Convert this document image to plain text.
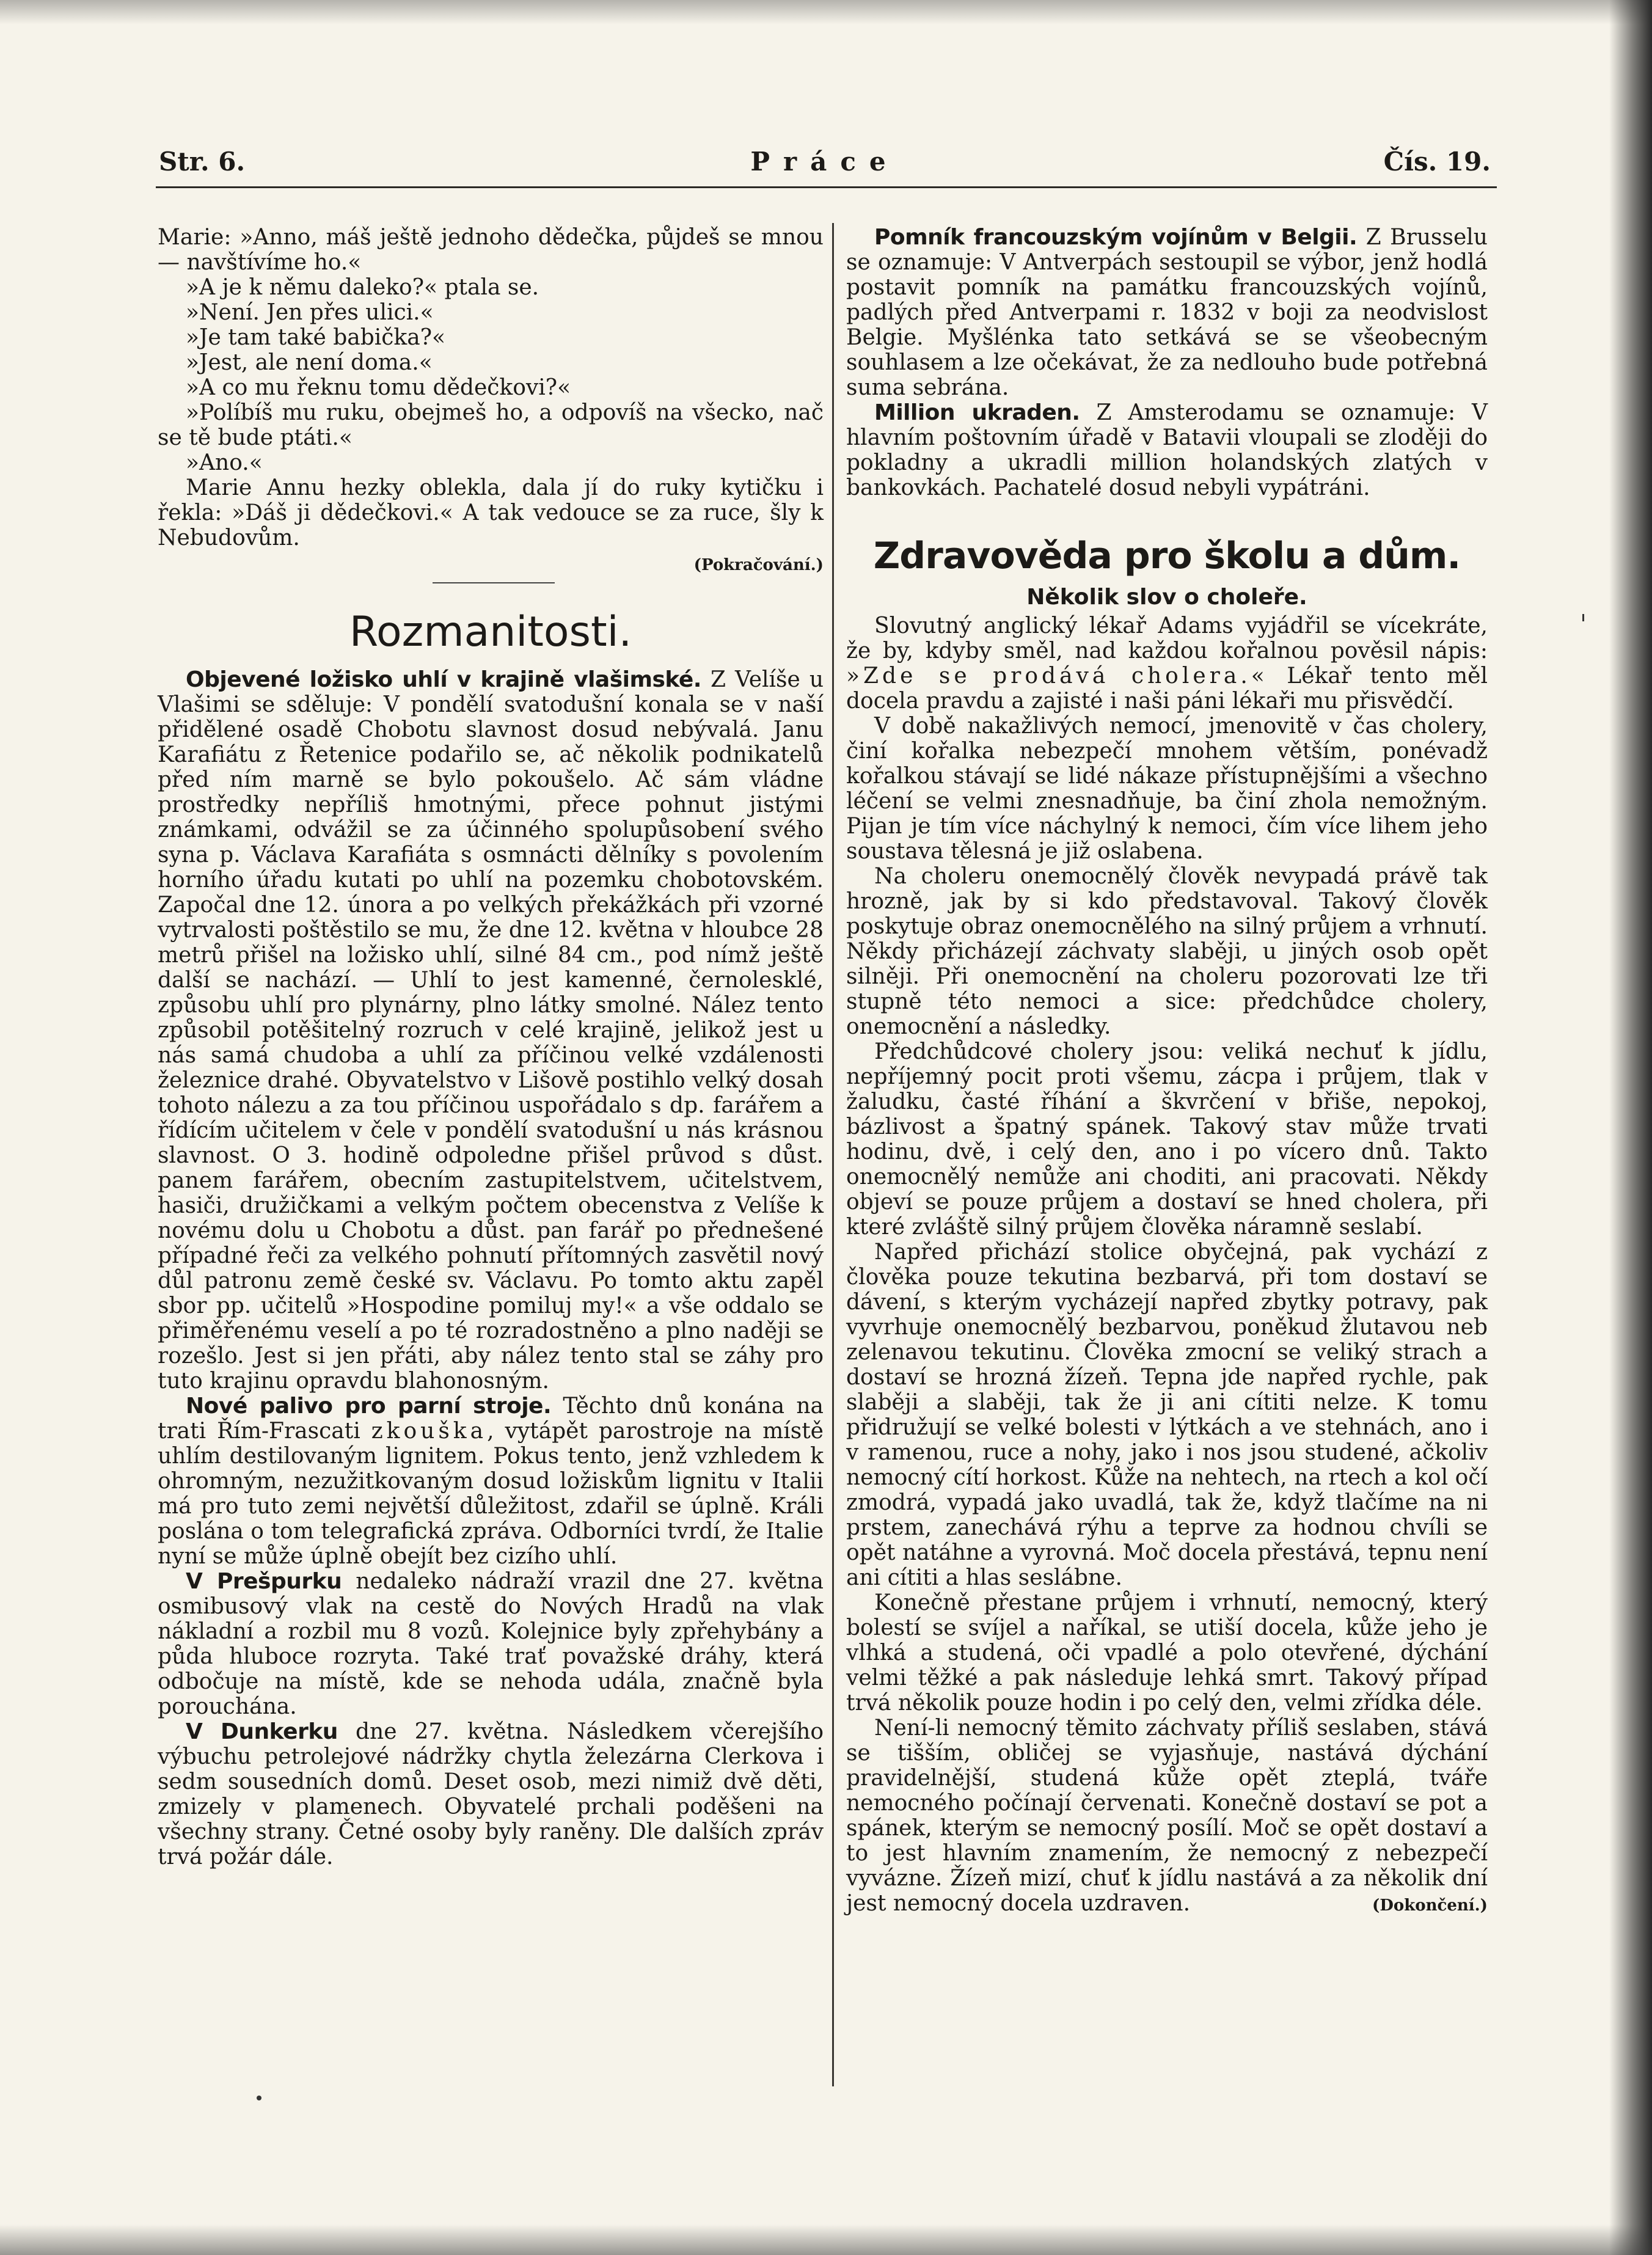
Str. 6.	Práce	Čís. 19.

Marie: »Anno, máš ještě jednoho dědečka, půjdeš se mnou — navštívíme ho.«

»A je k němu daleko?« ptala se.

»Není. Jen přes ulici.«

»Je tam také babička?«

»Jest, ale není doma.«

»A co mu řeknu tomu dědečkovi?«

»Políbíš mu ruku, obejmeš ho, a odpovíš na všecko, nač se tě bude ptáti.«

»Ano.«

Marie Annu hezky oblekla, dala jí do ruky kytičku i řekla: »Dáš ji dědečkovi.« A tak vedouce se za ruce, šly k Nebudovům.

(Pokračování.)
Rozmanitosti.

Objevené ložisko uhlí v krajině vlašimské. Z Velíše u Vlašimi se sděluje: V pondělí svatodušní konala se v naší přidělené osadě Chobotu slavnost dosud nebývalá. Janu Karafiátu z Řetenice podařilo se, ač několik podnikatelů před ním marně se bylo pokoušelo. Ač sám vládne prostředky nepříliš hmotnými, přece pohnut jistými známkami, odvážil se za účinného spolupůsobení svého syna p. Václava Karafiáta s osmnácti dělníky s povolením horního úřadu kutati po uhlí na pozemku chobotovském. Započal dne 12. února a po velkých překážkách při vzorné vytrvalosti poštěstilo se mu, že dne 12. května v hloubce 28 metrů přišel na ložisko uhlí, silné 84 cm., pod nímž ještě další se nachází. — Uhlí to jest kamenné, černolesklé, způsobu uhlí pro plynárny, plno látky smolné. Nález tento způsobil potěšitelný rozruch v celé krajině, jelikož jest u nás samá chudoba a uhlí za příčinou velké vzdálenosti železnice drahé. Obyvatelstvo v Lišově postihlo velký dosah tohoto nálezu a za tou příčinou uspořádalo s dp. farářem a řídícím učitelem v čele v pondělí svatodušní u nás krásnou slavnost. O 3. hodině odpoledne přišel průvod s důst. panem farářem, obecním zastupitelstvem, učitelstvem, hasiči, družičkami a velkým počtem obecenstva z Velíše k novému dolu u Chobotu a důst. pan farář po přednešené případné řeči za velkého pohnutí přítomných zasvětil nový důl patronu země české sv. Václavu. Po tomto aktu zapěl sbor pp. učitelů »Hospodine pomiluj my!« a vše oddalo se přiměřenému veselí a po té rozradostněno a plno naději se rozešlo. Jest si jen přáti, aby nález tento stal se záhy pro tuto krajinu opravdu blahonosným.

Nové palivo pro parní stroje. Těchto dnů konána na trati Řím-Frascati zkouška, vytápět parostroje na místě uhlím destilovaným lignitem. Pokus tento, jenž vzhledem k ohromným, nezužitkovaným dosud ložiskům lignitu v Italii má pro tuto zemi největší důležitost, zdařil se úplně. Králi poslána o tom telegrafická zpráva. Odborníci tvrdí, že Italie nyní se může úplně obejít bez cizího uhlí.

V Prešpurku nedaleko nádraží vrazil dne 27. května osmibusový vlak na cestě do Nových Hradů na vlak nákladní a rozbil mu 8 vozů. Kolejnice byly zpřehybány a půda hluboce rozryta. Také trať považské dráhy, která odbočuje na místě, kde se nehoda udála, značně byla porouchána.

V Dunkerku dne 27. května. Následkem včerejšího výbuchu petrolejové nádržky chytla železárna Clerkova i sedm sousedních domů. Deset osob, mezi nimiž dvě děti, zmizely v plamenech. Obyvatelé prchali poděšeni na všechny strany. Četné osoby byly raněny. Dle dalších zpráv trvá požár dále.

Pomník francouzským vojínům v Belgii. Z Brusselu se oznamuje: V Antverpách sestoupil se výbor, jenž hodlá postavit pomník na památku francouzských vojínů, padlých před Antverpami r. 1832 v boji za neodvislost Belgie. Myšlénka tato setkává se se všeobecným souhlasem a lze očekávat, že za nedlouho bude potřebná suma sebrána.

Million ukraden. Z Amsterodamu se oznamuje: V hlavním poštovním úřadě v Batavii vloupali se zloději do pokladny a ukradli million holandských zlatých v bankovkách. Pachatelé dosud nebyli vypátráni.

Zdravověda pro školu a dům.
Několik slov o choleře.

Slovutný anglický lékař Adams vyjádřil se vícekráte, že by, kdyby směl, nad každou kořalnou pověsil nápis: »Zde se prodává cholera.« Lékař tento měl docela pravdu a zajisté i naši páni lékaři mu přisvědčí.

V době nakažlivých nemocí, jmenovitě v čas cholery, činí kořalka nebezpečí mnohem větším, ponévadž kořalkou stávají se lidé nákaze přístupnějšími a všechno léčení se velmi znesnadňuje, ba činí zhola nemožným. Pijan je tím více náchylný k nemoci, čím více lihem jeho soustava tělesná je již oslabena.

Na choleru onemocnělý člověk nevypadá právě tak hrozně, jak by si kdo představoval. Takový člověk poskytuje obraz onemocnělého na silný průjem a vrhnutí. Někdy přicházejí záchvaty slaběji, u jiných osob opět silněji. Při onemocnění na choleru pozorovati lze tři stupně této nemoci a sice: předchůdce cholery, onemocnění a následky.

Předchůdcové cholery jsou: veliká nechuť k jídlu, nepříjemný pocit proti všemu, zácpa i průjem, tlak v žaludku, časté říhání a škvrčení v břiše, nepokoj, bázlivost a špatný spánek. Takový stav může trvati hodinu, dvě, i celý den, ano i po vícero dnů. Takto onemocnělý nemůže ani choditi, ani pracovati. Někdy objeví se pouze průjem a dostaví se hned cholera, při které zvláště silný průjem člověka náramně seslabí.

Napřed přichází stolice obyčejná, pak vychází z člověka pouze tekutina bezbarvá, při tom dostaví se dávení, s kterým vycházejí napřed zbytky potravy, pak vyvrhuje onemocnělý bezbarvou, poněkud žlutavou neb zelenavou tekutinu. Člověka zmocní se veliký strach a dostaví se hrozná žízeň. Tepna jde napřed rychle, pak slaběji a slaběji, tak že ji ani cítiti nelze. K tomu přidružují se velké bolesti v lýtkách a ve stehnách, ano i v ramenou, ruce a nohy, jako i nos jsou studené, ačkoliv nemocný cítí horkost. Kůže na nehtech, na rtech a kol očí zmodrá, vypadá jako uvadlá, tak že, když tlačíme na ni prstem, zanechává rýhu a teprve za hodnou chvíli se opět natáhne a vyrovná. Moč docela přestává, tepnu není ani cítiti a hlas seslábne.

Konečně přestane průjem i vrhnutí, nemocný, který bolestí se svíjel a naříkal, se utiší docela, kůže jeho je vlhká a studená, oči vpadlé a polo otevřené, dýchání velmi těžké a pak následuje lehká smrt. Takový případ trvá několik pouze hodin i po celý den, velmi zřídka déle.

Není-li nemocný těmito záchvaty příliš seslaben, stává se tišším, obličej se vyjasňuje, nastává dýchání pravidelnější, studená kůže opět zteplá, tváře nemocného počínají červenati. Konečně dostaví se pot a spánek, kterým se nemocný posílí. Moč se opět dostaví a to jest hlavním znamením, že nemocný z nebezpečí vyvázne. Žízeň mizí, chuť k jídlu nastává a za několik dní jest nemocný docela uzdraven.	(Dokončení.)
